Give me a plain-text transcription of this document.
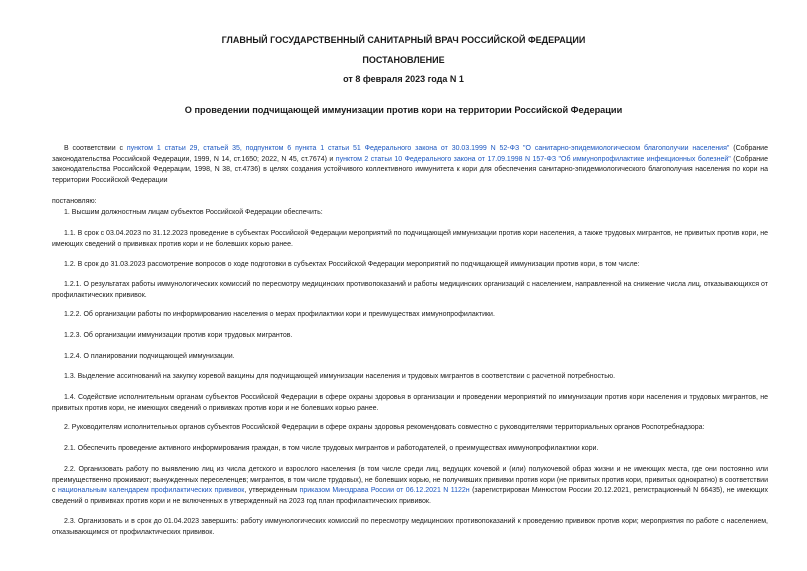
ГЛАВНЫЙ ГОСУДАРСТВЕННЫЙ САНИТАРНЫЙ ВРАЧ РОССИЙСКОЙ ФЕДЕРАЦИИ
ПОСТАНОВЛЕНИЕ
от 8 февраля 2023 года N 1
О проведении подчищающей иммунизации против кори на территории Российской Федерации
В соответствии с пунктом 1 статьи 29, статьей 35, подпунктом 6 пункта 1 статьи 51 Федерального закона от 30.03.1999 N 52-ФЗ "О санитарно-эпидемиологическом благополучии населения" (Собрание законодательства Российской Федерации, 1999, N 14, ст.1650; 2022, N 45, ст.7674) и пунктом 2 статьи 10 Федерального закона от 17.09.1998 N 157-ФЗ "Об иммунопрофилактике инфекционных болезней" (Собрание законодательства Российской Федерации, 1998, N 38, ст.4736) в целях создания устойчивого коллективного иммунитета к кори для обеспечения санитарно-эпидемиологического благополучия населения по кори на территории Российской Федерации
постановляю:
1. Высшим должностным лицам субъектов Российской Федерации обеспечить:
1.1. В срок с 03.04.2023 по 31.12.2023 проведение в субъектах Российской Федерации мероприятий по подчищающей иммунизации против кори населения, а также трудовых мигрантов, не привитых против кори, не имеющих сведений о прививках против кори и не болевших корью ранее.
1.2. В срок до 31.03.2023 рассмотрение вопросов о ходе подготовки в субъектах Российской Федерации мероприятий по подчищающей иммунизации против кори, в том числе:
1.2.1. О результатах работы иммунологических комиссий по пересмотру медицинских противопоказаний и работы медицинских организаций с населением, направленной на снижение числа лиц, отказывающихся от профилактических прививок.
1.2.2. Об организации работы по информированию населения о мерах профилактики кори и преимуществах иммунопрофилактики.
1.2.3. Об организации иммунизации против кори трудовых мигрантов.
1.2.4. О планировании подчищающей иммунизации.
1.3. Выделение ассигнований на закупку коревой вакцины для подчищающей иммунизации населения и трудовых мигрантов в соответствии с расчетной потребностью.
1.4. Содействие исполнительным органам субъектов Российской Федерации в сфере охраны здоровья в организации и проведении мероприятий по иммунизации против кори населения и трудовых мигрантов, не привитых против кори, не имеющих сведений о прививках против кори и не болевших корью ранее.
2. Руководителям исполнительных органов субъектов Российской Федерации в сфере охраны здоровья рекомендовать совместно с руководителями территориальных органов Роспотребнадзора:
2.1. Обеспечить проведение активного информирования граждан, в том числе трудовых мигрантов и работодателей, о преимуществах иммунопрофилактики кори.
2.2. Организовать работу по выявлению лиц из числа детского и взрослого населения (в том числе среди лиц, ведущих кочевой и (или) полукочевой образ жизни и не имеющих места, где они постоянно или преимущественно проживают; вынужденных переселенцев; мигрантов, в том числе трудовых), не болевших корью, не получивших прививки против кори (не привитых против кори, привитых однократно) в соответствии с национальным календарем профилактических прививок, утвержденным приказом Минздрава России от 06.12.2021 N 1122н (зарегистрирован Минюстом России 20.12.2021, регистрационный N 66435), не имеющих сведений о прививках против кори и не включенных в утвержденный на 2023 год план профилактических прививок.
2.3. Организовать и в срок до 01.04.2023 завершить: работу иммунологических комиссий по пересмотру медицинских противопоказаний к проведению прививок против кори; мероприятия по работе с населением, отказывающимся от профилактических прививок.
